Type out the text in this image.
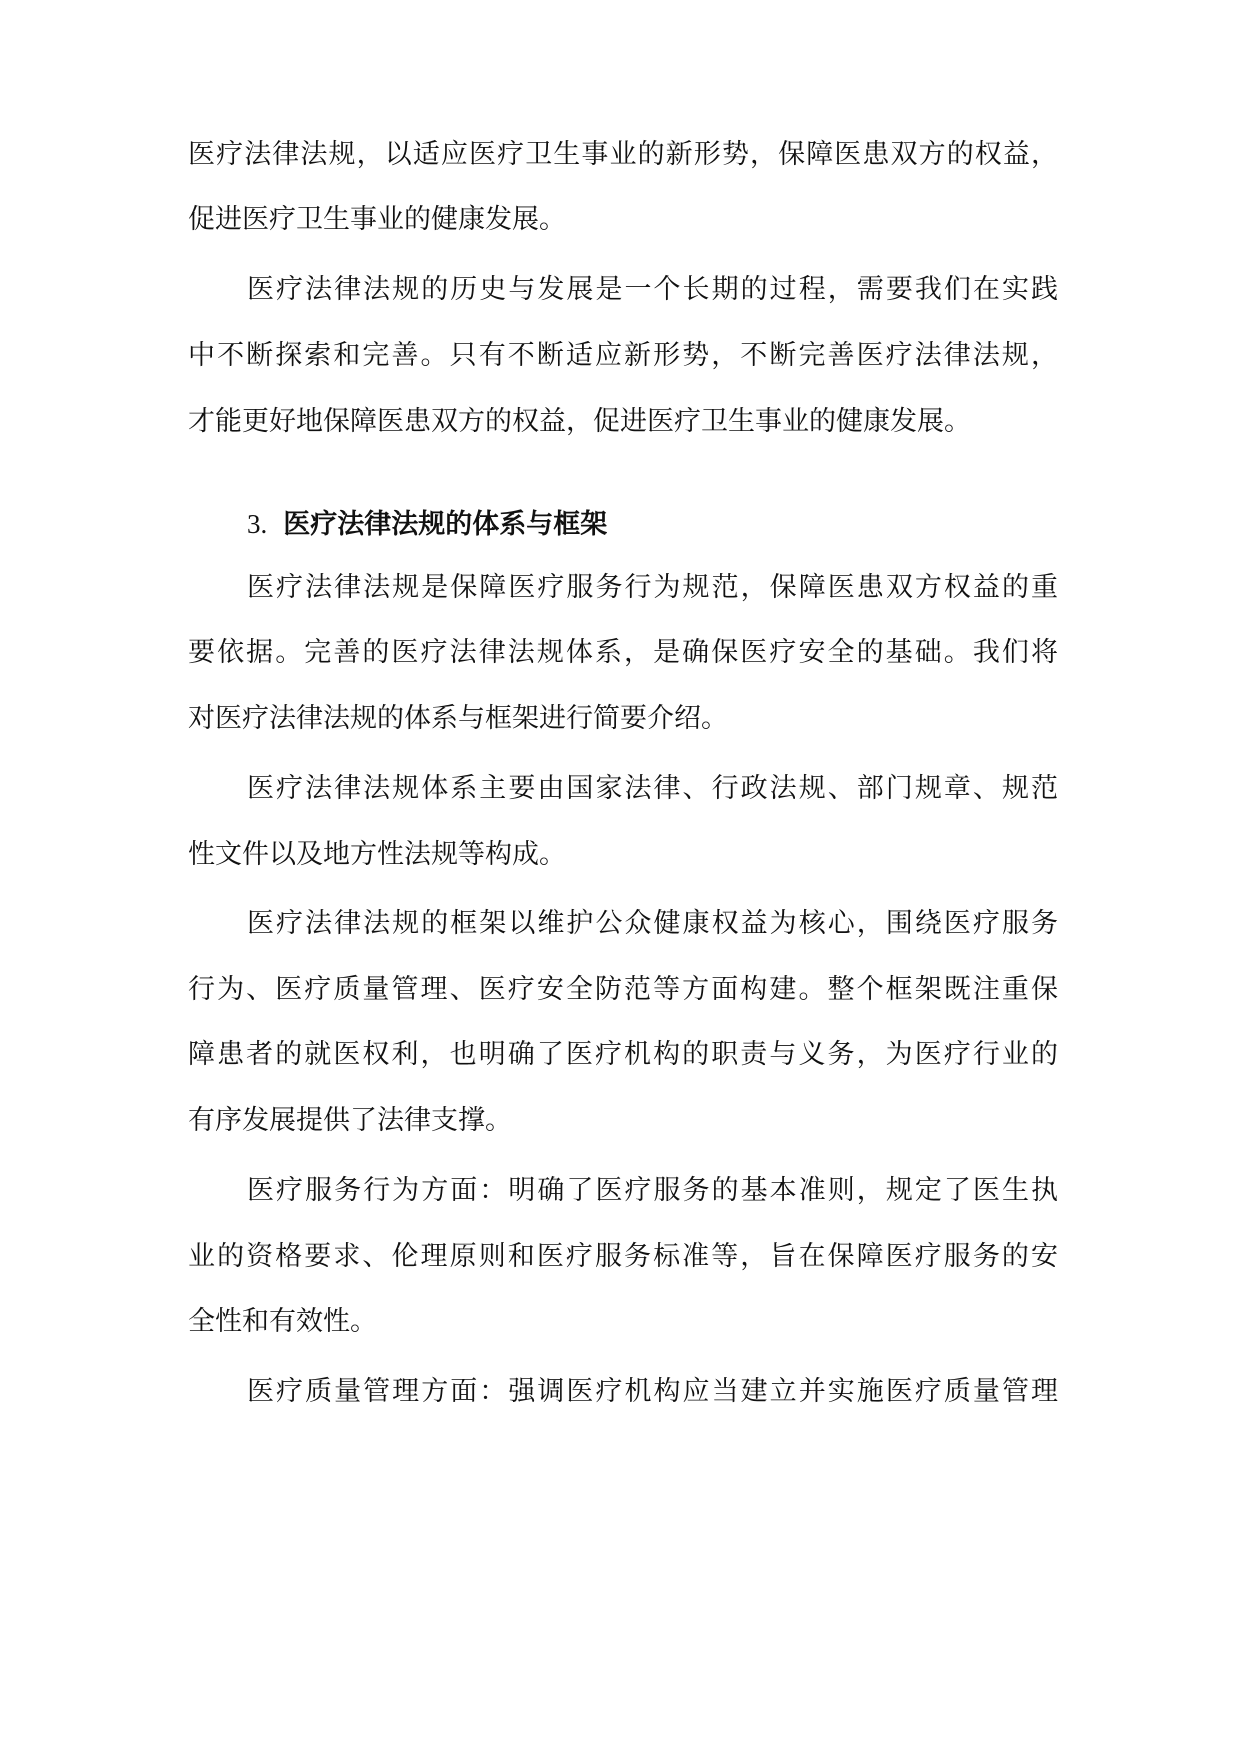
医疗法律法规，以适应医疗卫生事业的新形势，保障医患双方的权益，
促进医疗卫生事业的健康发展。
医疗法律法规的历史与发展是一个长期的过程，需要我们在实践
中不断探索和完善。只有不断适应新形势，不断完善医疗法律法规，
才能更好地保障医患双方的权益，促进医疗卫生事业的健康发展。
3. 医疗法律法规的体系与框架
医疗法律法规是保障医疗服务行为规范，保障医患双方权益的重
要依据。完善的医疗法律法规体系，是确保医疗安全的基础。我们将
对医疗法律法规的体系与框架进行简要介绍。
医疗法律法规体系主要由国家法律、行政法规、部门规章、规范
性文件以及地方性法规等构成。
医疗法律法规的框架以维护公众健康权益为核心，围绕医疗服务
行为、医疗质量管理、医疗安全防范等方面构建。整个框架既注重保
障患者的就医权利，也明确了医疗机构的职责与义务，为医疗行业的
有序发展提供了法律支撑。
医疗服务行为方面：明确了医疗服务的基本准则，规定了医生执
业的资格要求、伦理原则和医疗服务标准等，旨在保障医疗服务的安
全性和有效性。
医疗质量管理方面：强调医疗机构应当建立并实施医疗质量管理
